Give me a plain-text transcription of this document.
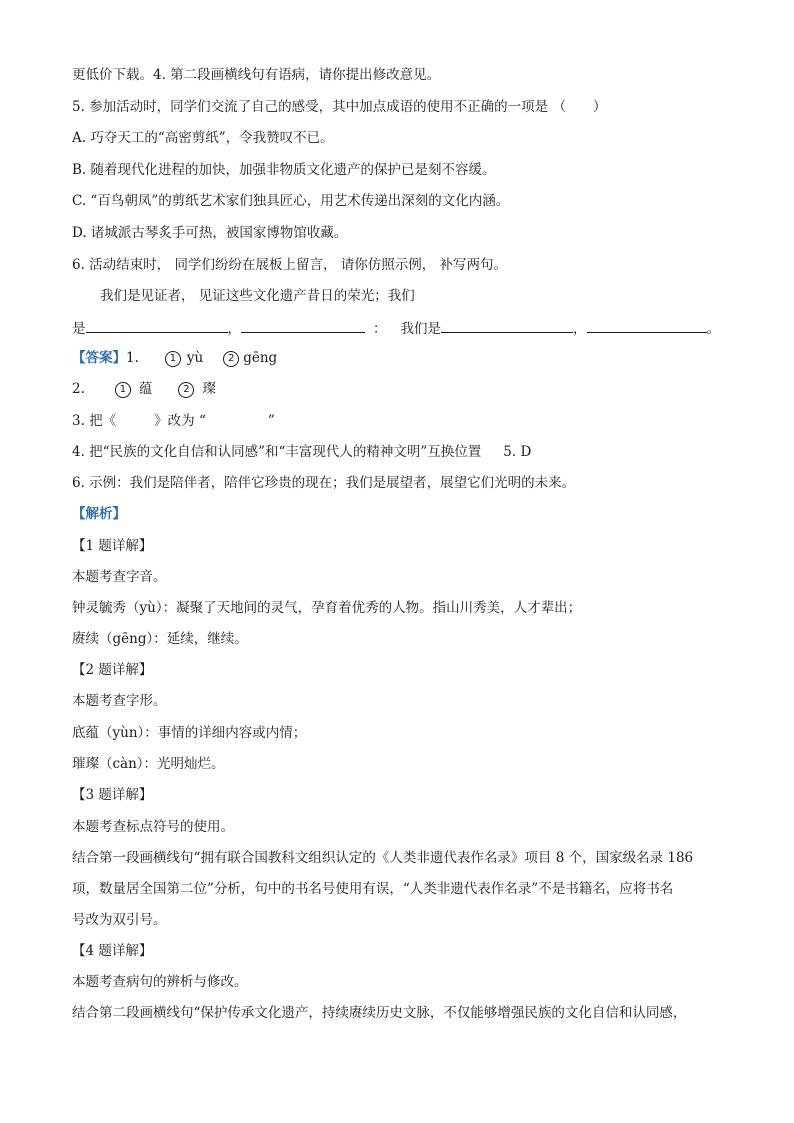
更低价下载。4. 第二段画横线句有语病，请你提出修改意见。
5. 参加活动时，同学们交流了自己的感受，其中加点成语的使用不正确的一项是 （　　）
A. 巧夺天工的“高密剪纸”，令我赞叹不已。
B. 随着现代化进程的加快，加强非物质文化遗产的保护已是刻不容缓。
C. “百鸟朝凤”的剪纸艺术家们独具匠心，用艺术传递出深刻的文化内涵。
D. 诸城派古琴炙手可热，被国家博物馆收藏。
6. 活动结束时， 同学们纷纷在展板上留言， 请你仿照示例， 补写两句。
我们是见证者， 见证这些文化遗产昔日的荣光；我们
是	，	： 我们是	，	。
【答案】1.	1 yù 2 gēng
2.	1 蕴	2 璨
3. 把《	》改为 “	”
4. 把“民族的文化自信和认同感”和“丰富现代人的精神文明”互换位置 5. D
6. 示例：我们是陪伴者，陪伴它珍贵的现在；我们是展望者，展望它们光明的未来。
【解析】
【1 题详解】
本题考查字音。
钟灵毓秀（yù）：凝聚了天地间的灵气，孕育着优秀的人物。指山川秀美，人才辈出；
赓续（gēng）：延续，继续。
【2 题详解】
本题考查字形。
底蕴（yùn）：事情的详细内容或内情；
璀璨（càn）：光明灿烂。
【3 题详解】
本题考查标点符号的使用。
结合第一段画横线句“拥有联合国教科文组织认定的《人类非遗代表作名录》项目 8 个，国家级名录 186
项，数量居全国第二位”分析，句中的书名号使用有误，“人类非遗代表作名录”不是书籍名，应将书名
号改为双引号。
【4 题详解】
本题考查病句的辨析与修改。
结合第二段画横线句“保护传承文化遗产，持续赓续历史文脉，不仅能够增强民族的文化自信和认同感，
